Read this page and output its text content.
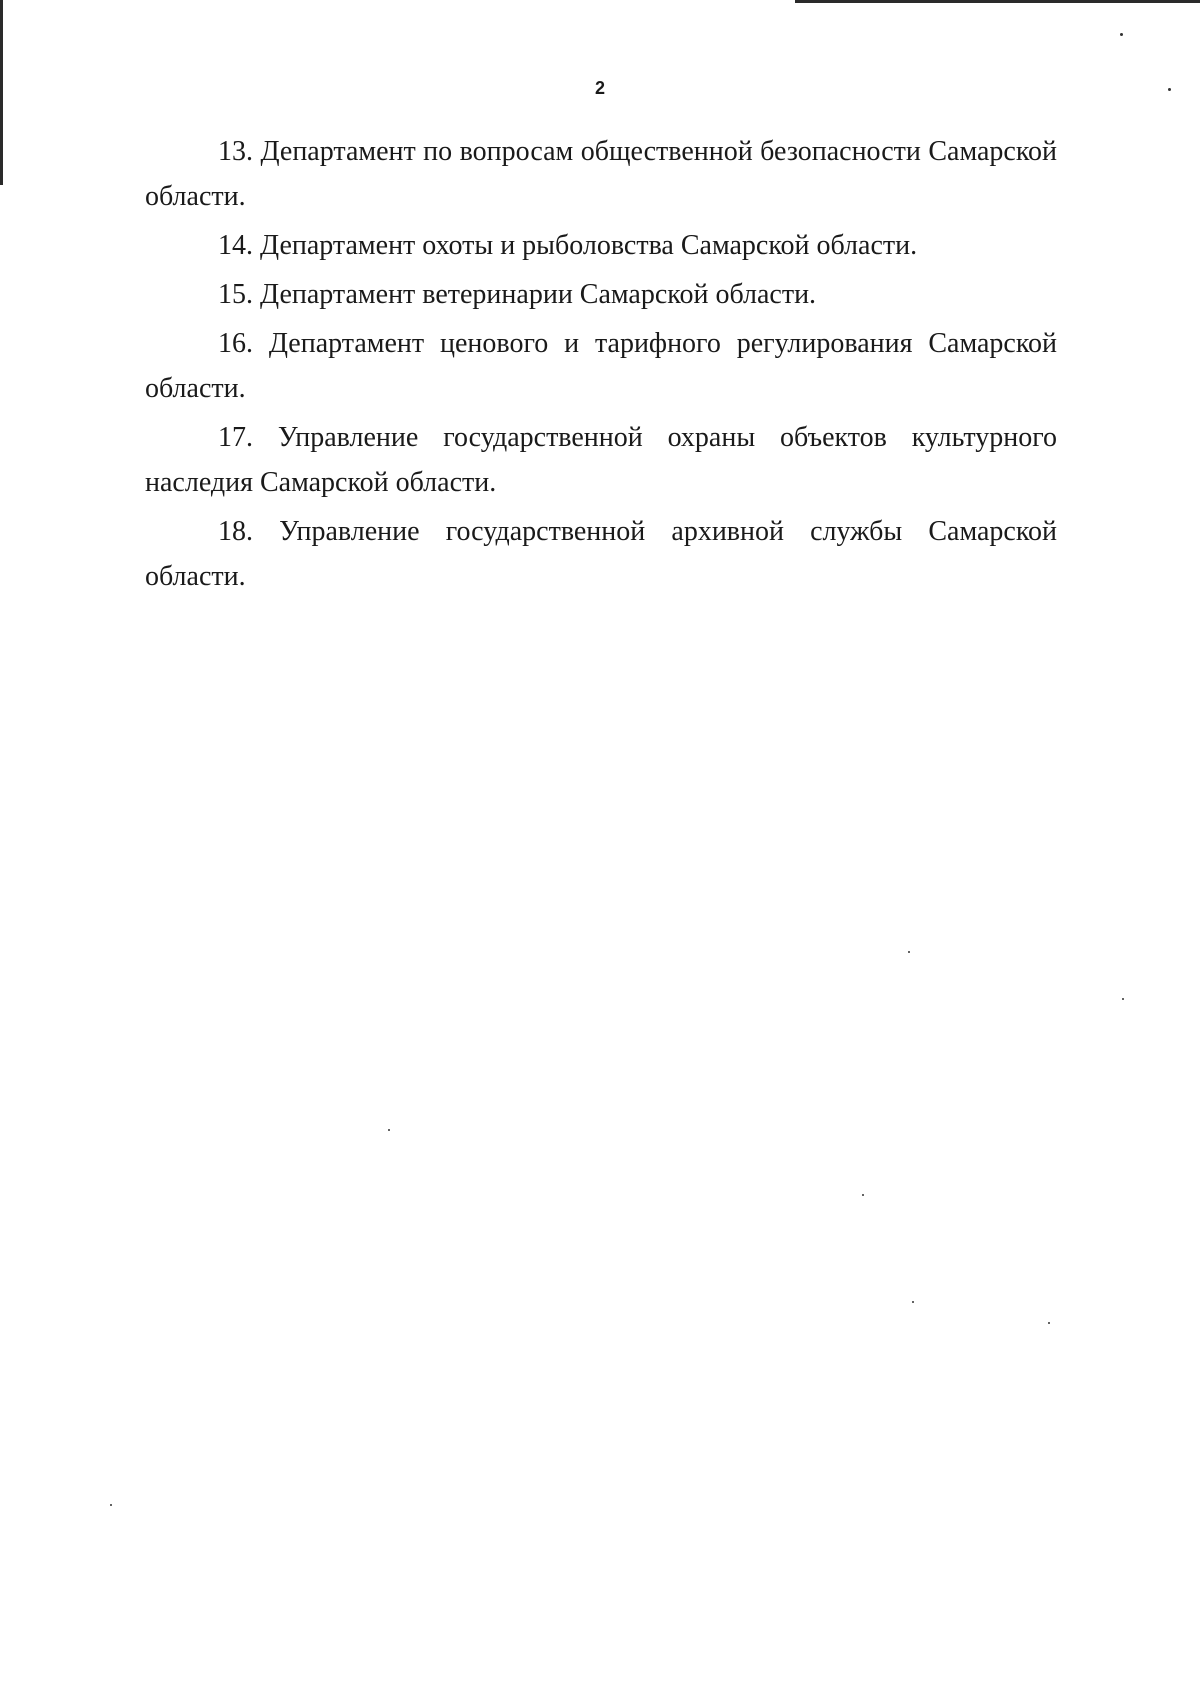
2

13. Департамент по вопросам общественной безопасности Самарской области.
14. Департамент охоты и рыболовства Самарской области.
15. Департамент ветеринарии Самарской области.
16. Департамент ценового и тарифного регулирования Самарской области.
17. Управление государственной охраны объектов культурного наследия Самарской области.
18. Управление государственной архивной службы Самарской области.
